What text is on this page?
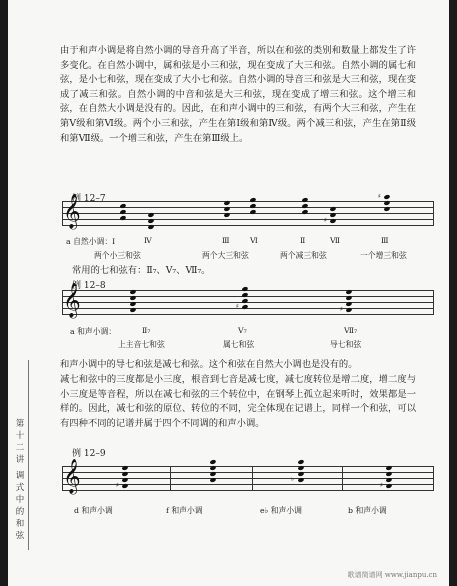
由于和声小调是将自然小调的导音升高了半音，所以在和弦的类别和数量上都发生了许多变化。在自然小调中，属和弦是小三和弦，现在变成了大三和弦。自然小调的属七和弦，是小七和弦，现在变成了大小七和弦。自然小调的导音三和弦是大三和弦，现在变成了减三和弦。自然小调的中音和弦是大三和弦，现在变成了增三和弦。这个增三和弦，在自然大小调是没有的。因此，在和声小调中的三和弦，有两个大三和弦，产生在第Ⅴ级和第Ⅵ级。两个小三和弦，产生在第Ⅰ级和第Ⅳ级。两个减三和弦，产生在第Ⅱ级和第Ⅶ级。一个增三和弦，产生在第Ⅲ级上。

例 12–7
𝄞	♯
♯
a 自然小调：Ⅰ	Ⅳ	Ⅲ	Ⅵ	Ⅱ	Ⅶ	Ⅲ
两个小三和弦	两个大三和弦	两个减三和弦	一个增三和弦

常用的七和弦有：Ⅱ₇、Ⅴ₇、Ⅶ₇。

例 12–8
𝄞	♯	♯
a 和声小调：	Ⅱ₇	Ⅴ₇	Ⅶ₇
上主音七和弦	属七和弦	导七和弦

和声小调中的导七和弦是减七和弦。这个和弦在自然大小调也是没有的。

减七和弦中的三度都是小三度，根音到七音是减七度，减七度转位是增二度，增二度与小三度是等音程，所以在减七和弦的三个转位中，在钢琴上孤立起来听时，效果都是一样的。因此，减七和弦的原位、转位的不同，完全体现在记谱上，同样一个和弦，可以有四种不同的记谱并属于四个不同调的和声小调。

例 12–9
𝄞	♯
♭
♯
d 和声小调	f 和声小调	e♭ 和声小调	b 和声小调
第十二讲
调式中的和弦
歌谱简谱网 www.jianpu.cn
